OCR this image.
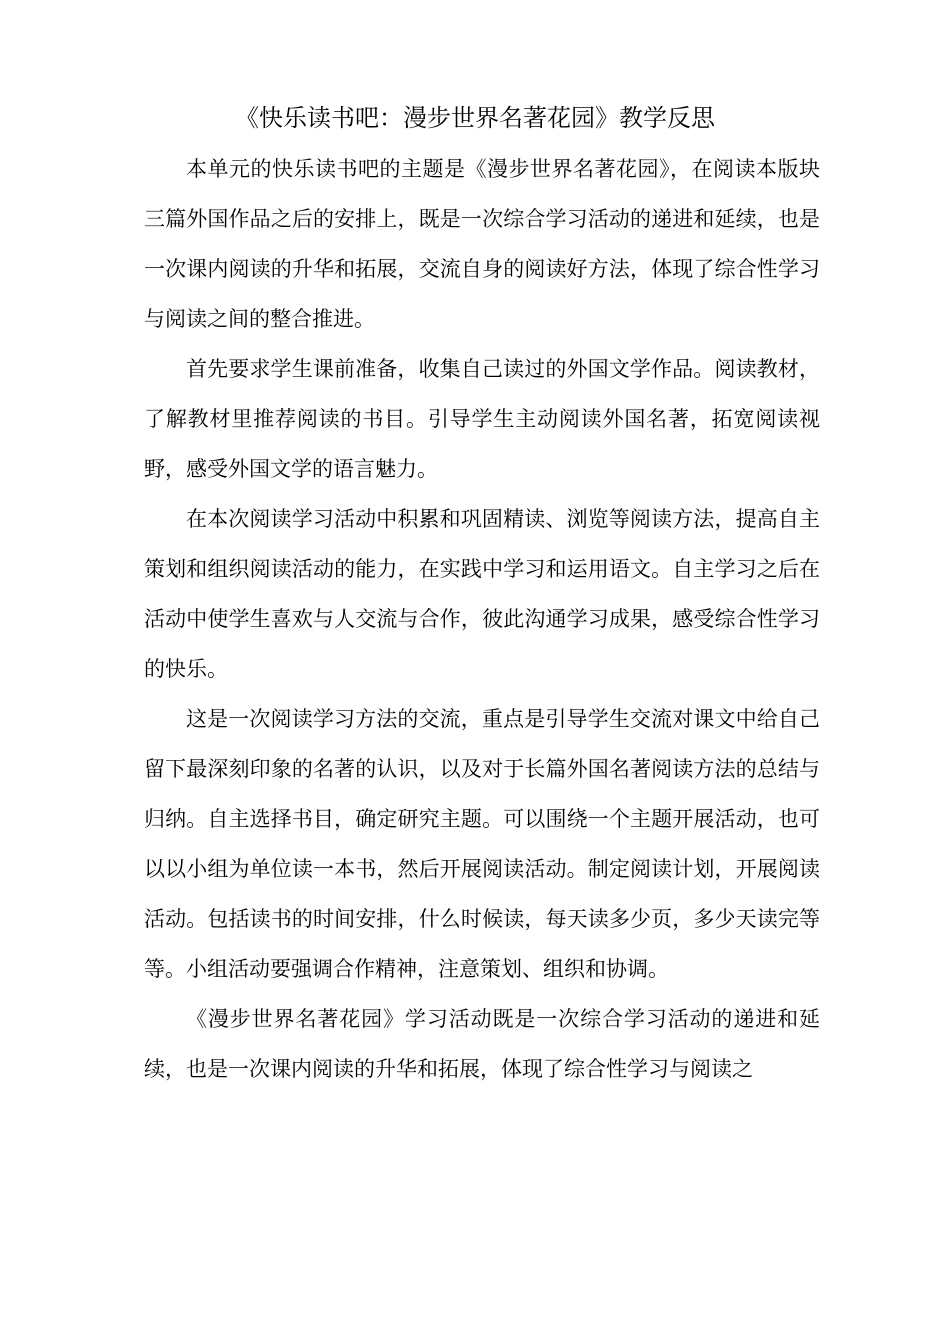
《快乐读书吧：漫步世界名著花园》教学反思

本单元的快乐读书吧的主题是《漫步世界名著花园》，在阅读本版块三篇外国作品之后的安排上，既是一次综合学习活动的递进和延续，也是一次课内阅读的升华和拓展，交流自身的阅读好方法，体现了综合性学习与阅读之间的整合推进。

首先要求学生课前准备，收集自己读过的外国文学作品。阅读教材，了解教材里推荐阅读的书目。引导学生主动阅读外国名著，拓宽阅读视野，感受外国文学的语言魅力。

在本次阅读学习活动中积累和巩固精读、浏览等阅读方法，提高自主策划和组织阅读活动的能力，在实践中学习和运用语文。自主学习之后在活动中使学生喜欢与人交流与合作，彼此沟通学习成果，感受综合性学习的快乐。

这是一次阅读学习方法的交流，重点是引导学生交流对课文中给自己留下最深刻印象的名著的认识，以及对于长篇外国名著阅读方法的总结与归纳。自主选择书目，确定研究主题。可以围绕一个主题开展活动，也可以以小组为单位读一本书，然后开展阅读活动。制定阅读计划，开展阅读活动。包括读书的时间安排，什么时候读，每天读多少页，多少天读完等等。小组活动要强调合作精神，注意策划、组织和协调。

《漫步世界名著花园》学习活动既是一次综合学习活动的递进和延续，也是一次课内阅读的升华和拓展，体现了综合性学习与阅读之
